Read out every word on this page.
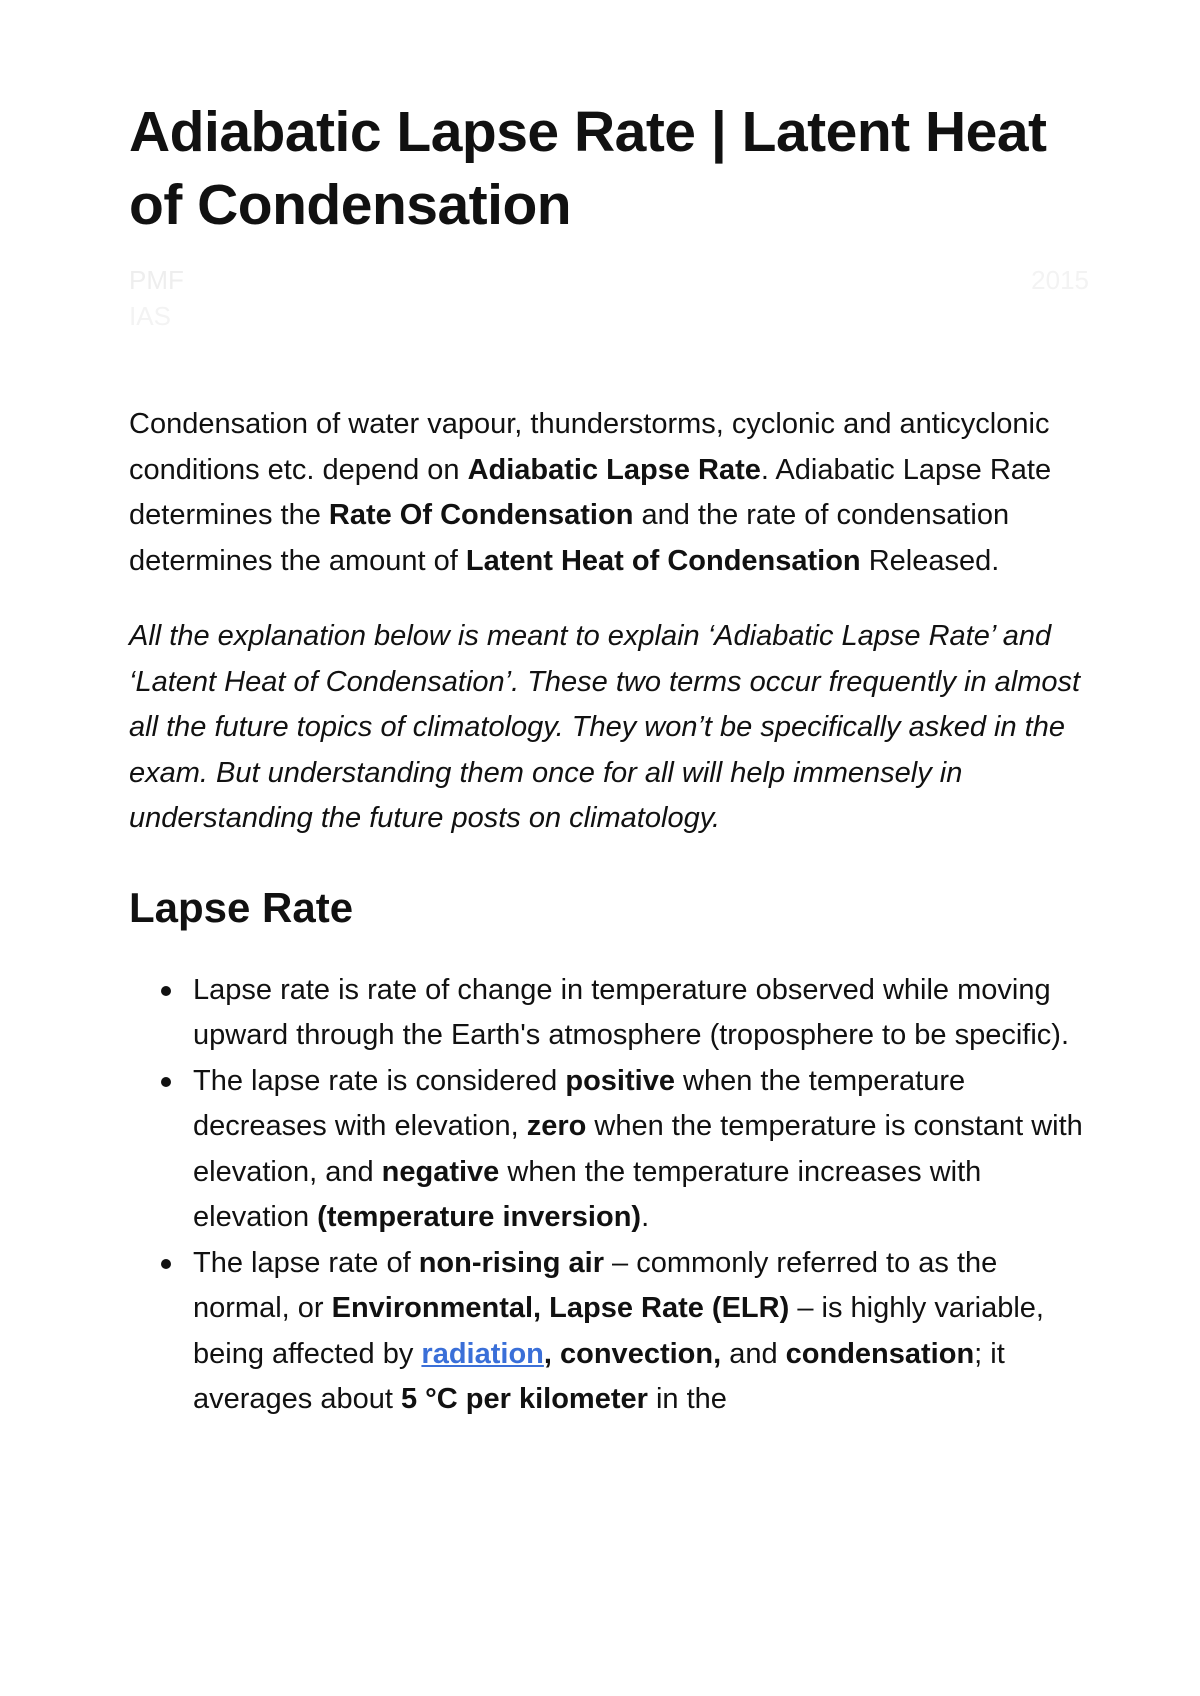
Adiabatic Lapse Rate | Latent Heat of Condensation
PMF	2015
IAS

Condensation of water vapour, thunderstorms, cyclonic and anticyclonic conditions etc. depend on Adiabatic Lapse Rate. Adiabatic Lapse Rate determines the Rate Of Condensation and the rate of condensation determines the amount of Latent Heat of Condensation Released.

All the explanation below is meant to explain ‘Adiabatic Lapse Rate’ and ‘Latent Heat of Condensation’. These two terms occur frequently in almost all the future topics of climatology. They won’t be specifically asked in the exam. But understanding them once for all will help immensely in understanding the future posts on climatology.

Lapse Rate
Lapse rate is rate of change in temperature observed while moving upward through the Earth's atmosphere (troposphere to be specific).
The lapse rate is considered positive when the temperature decreases with elevation, zero when the temperature is constant with elevation, and negative when the temperature increases with elevation (temperature inversion).
The lapse rate of non-rising air – commonly referred to as the normal, or Environmental, Lapse Rate (ELR) – is highly variable, being affected by radiation, convection, and condensation; it averages about 5 °C per kilometer in the
